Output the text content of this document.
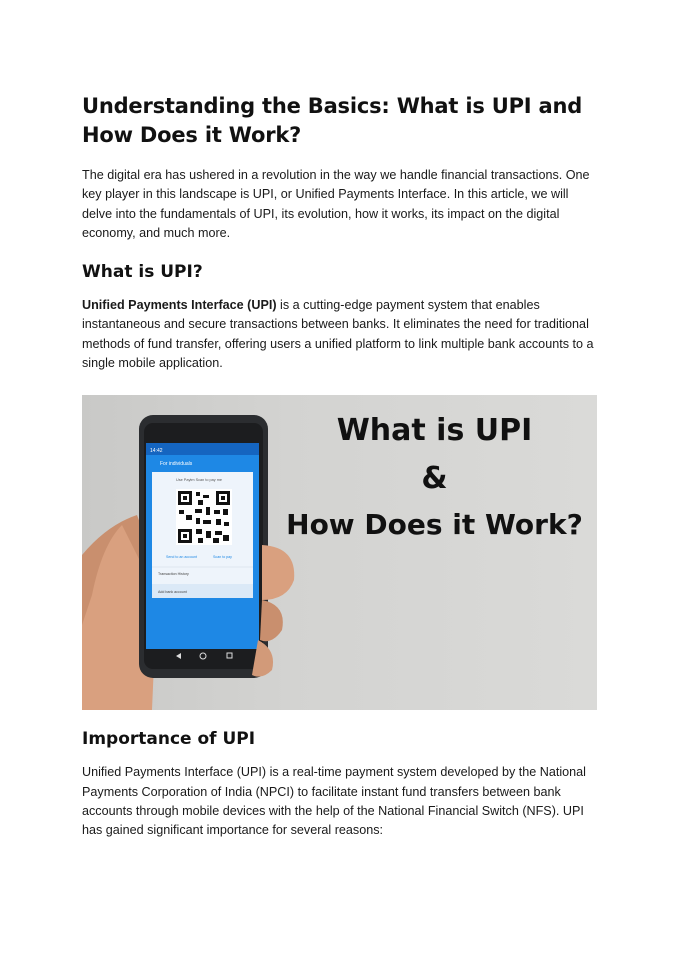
Understanding the Basics: What is UPI and How Does it Work?

The digital era has ushered in a revolution in the way we handle financial transactions. One key player in this landscape is UPI, or Unified Payments Interface. In this article, we will delve into the fundamentals of UPI, its evolution, how it works, its impact on the digital economy, and much more.

What is UPI?

Unified Payments Interface (UPI) is a cutting-edge payment system that enables instantaneous and secure transactions between banks. It eliminates the need for traditional methods of fund transfer, offering users a unified platform to link multiple bank accounts to a single mobile application.

14:42
For individuals
Use Paytm Scan to pay me
Send to an account	Scan to pay
Transaction History
Add bank account
What is UPI
&
How Does it Work?
Importance of UPI

Unified Payments Interface (UPI) is a real-time payment system developed by the National Payments Corporation of India (NPCI) to facilitate instant fund transfers between bank accounts through mobile devices with the help of the National Financial Switch (NFS). UPI has gained significant importance for several reasons:
